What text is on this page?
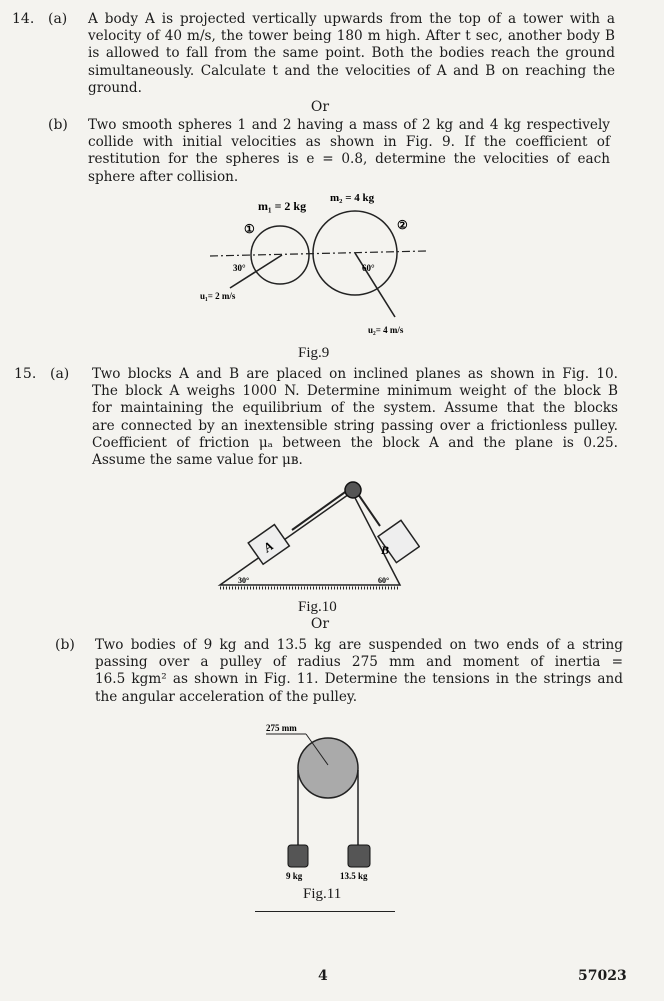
14. (a) A body A is projected vertically upwards from the top of a tower with a
velocity of 40 m/s, the tower being 180 m high. After t sec, another body B
is allowed to fall from the same point. Both the bodies reach the ground
simultaneously. Calculate t and the velocities of A and B on reaching the
ground.
Or
(b) Two smooth spheres 1 and 2 having a mass of 2 kg and 4 kg respectively
collide with initial velocities as shown in Fig. 9. If the coefficient of
restitution for the spheres is e = 0.8, determine the velocities of each
sphere after collision.
m₁ = 2 kg
m₂ = 4 kg
①	②
30°	60°
u₁= 2 m/s
u₂= 4 m/s
Fig.9
15. (a) Two blocks A and B are placed on inclined planes as shown in Fig. 10.
The block A weighs 1000 N. Determine minimum weight of the block B
for maintaining the equilibrium of the system. Assume that the blocks
are connected by an inextensible string passing over a frictionless pulley.
Coefficient of friction μₐ between the block A and the plane is 0.25.
Assume the same value for μʙ.
A	B
30°	60°
Fig.10
Or
(b) Two bodies of 9 kg and 13.5 kg are suspended on two ends of a string
passing over a pulley of radius 275 mm and moment of inertia =
16.5 kgm² as shown in Fig. 11. Determine the tensions in the strings and
the angular acceleration of the pulley.
275 mm
9 kg	13.5 kg
Fig.11
4	57023
